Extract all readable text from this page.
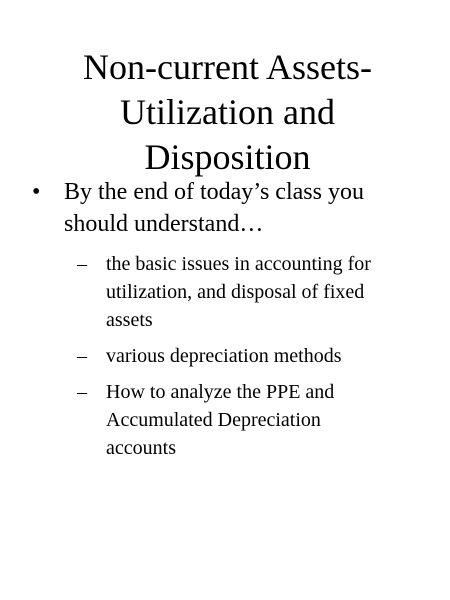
Non-current Assets-
Utilization and
Disposition
• By the end of today’s class you
should understand…
– the basic issues in accounting for
utilization, and disposal of fixed
assets
– various depreciation methods
– How to analyze the PPE and
Accumulated Depreciation
accounts
